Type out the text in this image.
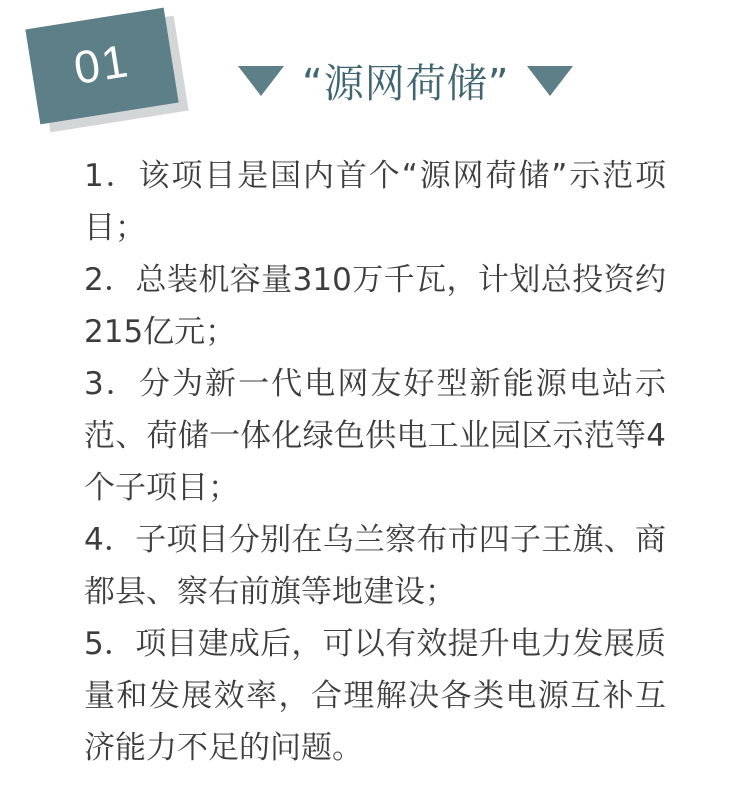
01	“源网荷储”

1．该项目是国内首个“源网荷储”示范项目；

2．总装机容量310万千瓦，计划总投资约215亿元；

3．分为新一代电网友好型新能源电站示范、荷储一体化绿色供电工业园区示范等4个子项目；

4．子项目分别在乌兰察布市四子王旗、商都县、察右前旗等地建设；

5．项目建成后，可以有效提升电力发展质量和发展效率，合理解决各类电源互补互济能力不足的问题。
